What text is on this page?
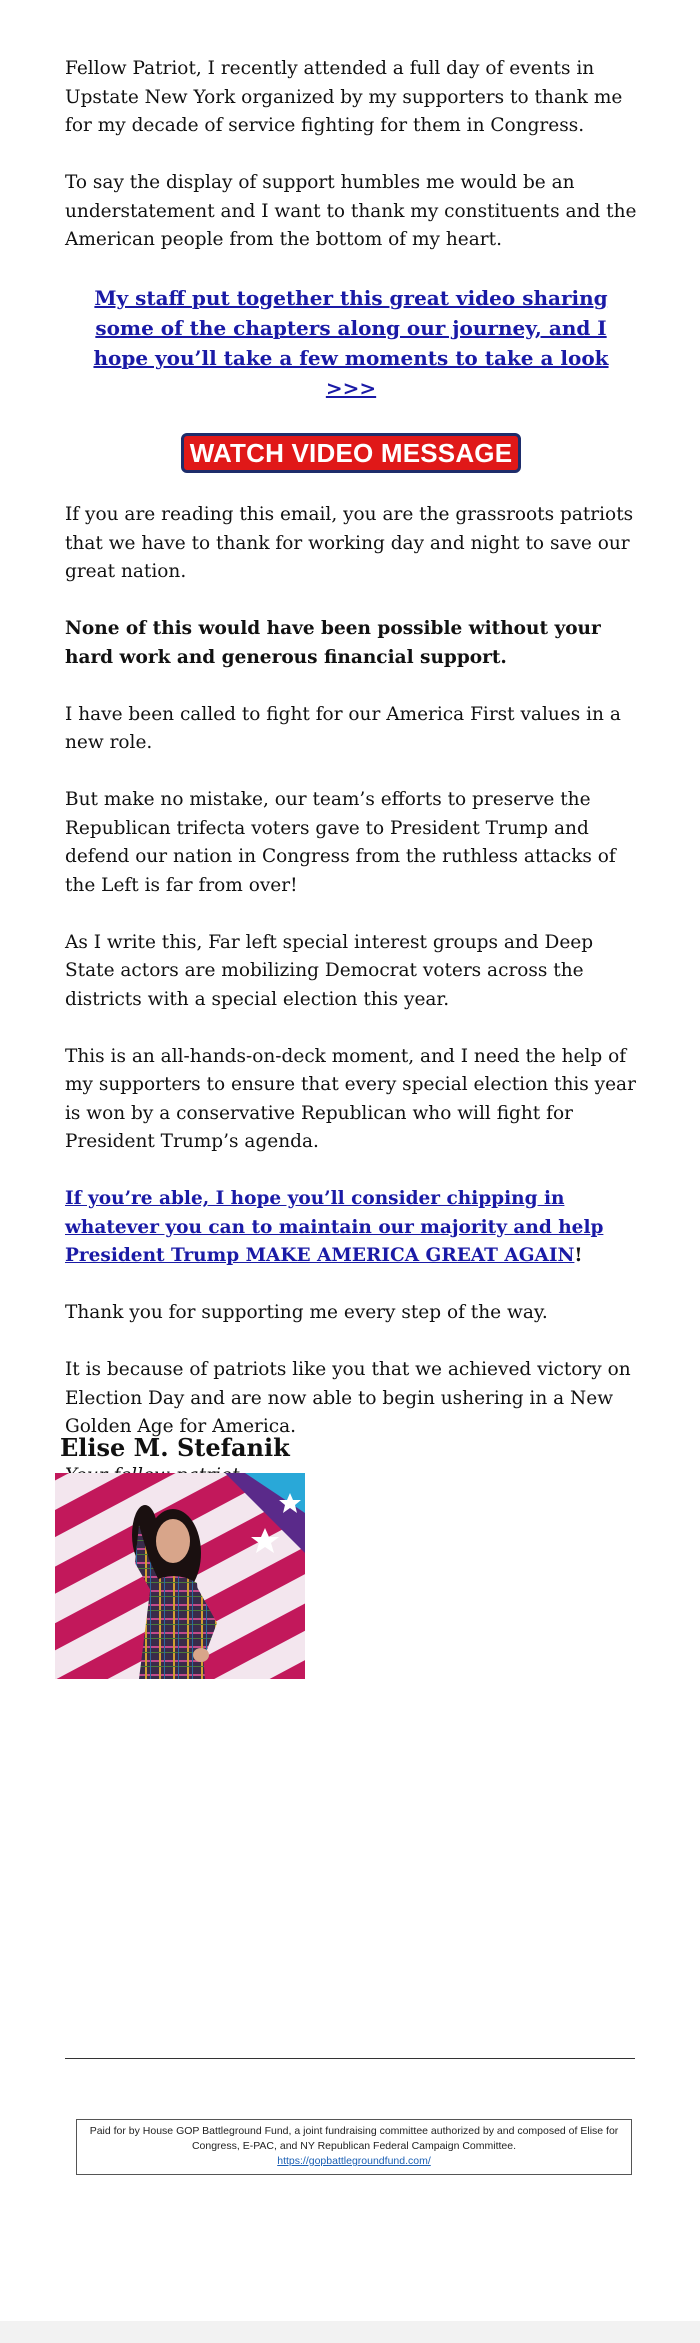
Fellow Patriot, I recently attended a full day of events in Upstate New York organized by my supporters to thank me for my decade of service fighting for them in Congress.

To say the display of support humbles me would be an understatement and I want to thank my constituents and the American people from the bottom of my heart.

My staff put together this great video sharing some of the chapters along our journey, and I hope you’ll take a few moments to take a look >>>
WATCH VIDEO MESSAGE

If you are reading this email, you are the grassroots patriots that we have to thank for working day and night to save our great nation.

None of this would have been possible without your hard work and generous financial support.

I have been called to fight for our America First values in a new role.

But make no mistake, our team’s efforts to preserve the Republican trifecta voters gave to President Trump and defend our nation in Congress from the ruthless attacks of the Left is far from over!

As I write this, Far left special interest groups and Deep State actors are mobilizing Democrat voters across the districts with a special election this year.

This is an all-hands-on-deck moment, and I need the help of my supporters to ensure that every special election this year is won by a conservative Republican who will fight for President Trump’s agenda.

If you’re able, I hope you’ll consider chipping in whatever you can to maintain our majority and help President Trump MAKE AMERICA GREAT AGAIN!

Thank you for supporting me every step of the way.

It is because of patriots like you that we achieved victory on Election Day and are now able to begin ushering in a New Golden Age for America.

Elise M. Stefanik
Paid for by House GOP Battleground Fund, a joint fundraising committee authorized by and composed of Elise for Congress, E-PAC, and NY Republican Federal Campaign Committee.
https://gopbattlegroundfund.com/
